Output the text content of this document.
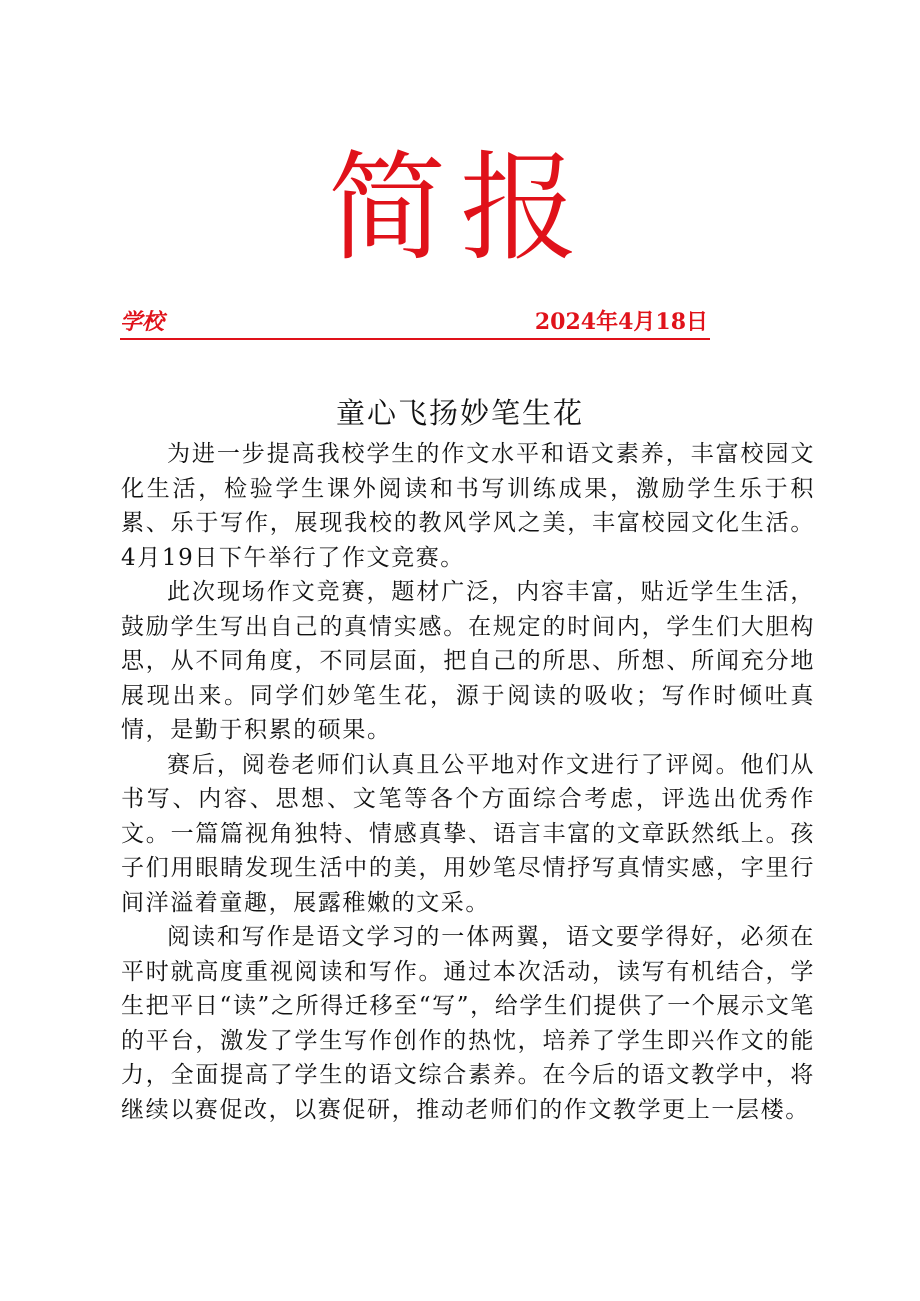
简报
学校	2024年4月18日
童心飞扬妙笔生花

为进一步提高我校学生的作文水平和语文素养，丰富校园文化生活，检验学生课外阅读和书写训练成果，激励学生乐于积累、乐于写作，展现我校的教风学风之美，丰富校园文化生活。4月19日下午举行了作文竞赛。

此次现场作文竞赛，题材广泛，内容丰富，贴近学生生活，鼓励学生写出自己的真情实感。在规定的时间内，学生们大胆构思，从不同角度，不同层面，把自己的所思、所想、所闻充分地展现出来。同学们妙笔生花，源于阅读的吸收；写作时倾吐真情，是勤于积累的硕果。

赛后，阅卷老师们认真且公平地对作文进行了评阅。他们从书写、内容、思想、文笔等各个方面综合考虑，评选出优秀作文。一篇篇视角独特、情感真挚、语言丰富的文章跃然纸上。孩子们用眼睛发现生活中的美，用妙笔尽情抒写真情实感，字里行间洋溢着童趣，展露稚嫩的文采。

阅读和写作是语文学习的一体两翼，语文要学得好，必须在平时就高度重视阅读和写作。通过本次活动，读写有机结合，学生把平日“读”之所得迁移至“写”，给学生们提供了一个展示文笔的平台，激发了学生写作创作的热忱，培养了学生即兴作文的能力，全面提高了学生的语文综合素养。在今后的语文教学中，将继续以赛促改，以赛促研，推动老师们的作文教学更上一层楼。
